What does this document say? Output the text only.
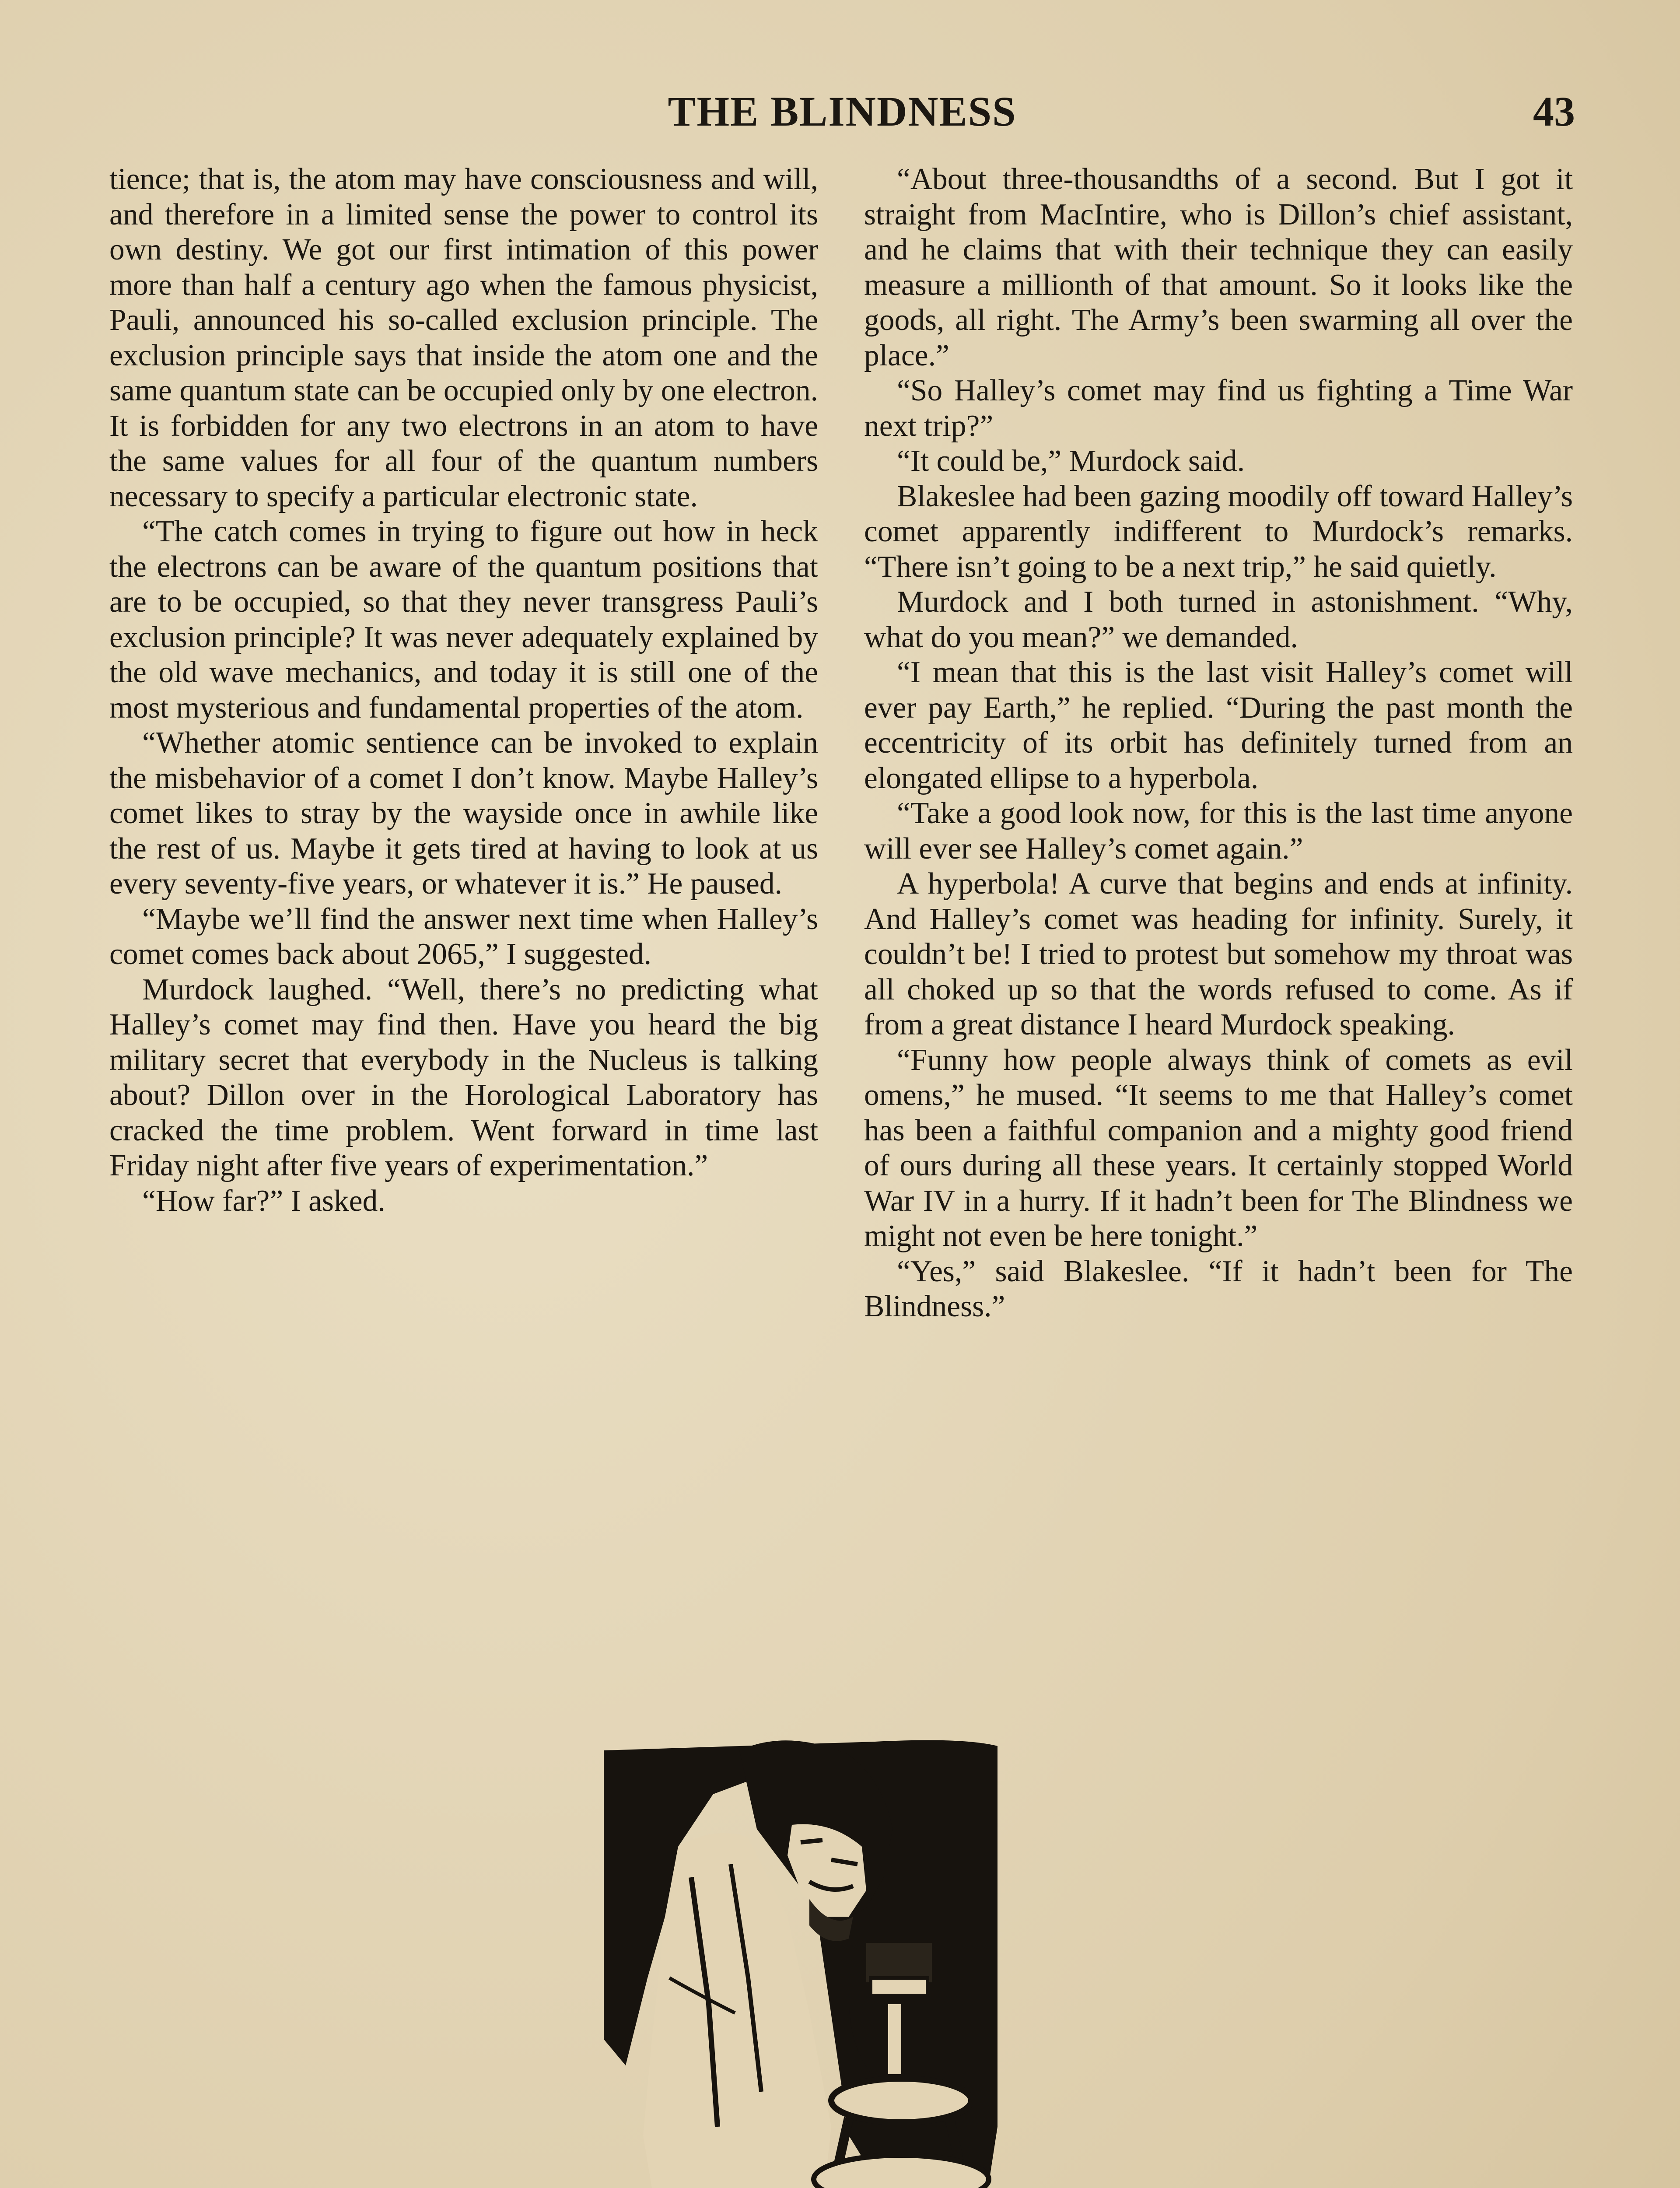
THE BLINDNESS	43

tience; that is, the atom may have consciousness and will, and therefore in a limited sense the power to control its own destiny. We got our first intimation of this power more than half a century ago when the famous physicist, Pauli, announced his so-called exclusion principle. The exclusion principle says that inside the atom one and the same quantum state can be occupied only by one electron. It is forbidden for any two electrons in an atom to have the same values for all four of the quantum numbers necessary to specify a particular electronic state.

“The catch comes in trying to figure out how in heck the electrons can be aware of the quantum positions that are to be occupied, so that they never transgress Pauli’s exclusion principle? It was never adequately explained by the old wave mechanics, and today it is still one of the most mysterious and fundamental properties of the atom.

“Whether atomic sentience can be invoked to explain the misbehavior of a comet I don’t know. Maybe Halley’s comet likes to stray by the wayside once in awhile like the rest of us. Maybe it gets tired at having to look at us every seventy-five years, or whatever it is.” He paused.

“Maybe we’ll find the answer next time when Halley’s comet comes back about 2065,” I suggested.

Murdock laughed. “Well, there’s no predicting what Halley’s comet may find then. Have you heard the big military secret that everybody in the Nucleus is talking about? Dillon over in the Horological Laboratory has cracked the time problem. Went forward in time last Friday night after five years of experimentation.”

“How far?” I asked.

“About three-thousandths of a second. But I got it straight from MacIntire, who is Dillon’s chief assistant, and he claims that with their technique they can easily measure a millionth of that amount. So it looks like the goods, all right. The Army’s been swarming all over the place.”

“So Halley’s comet may find us fighting a Time War next trip?”

“It could be,” Murdock said.

Blakeslee had been gazing moodily off toward Halley’s comet apparently indifferent to Murdock’s remarks. “There isn’t going to be a next trip,” he said quietly.

Murdock and I both turned in astonishment. “Why, what do you mean?” we demanded.

“I mean that this is the last visit Halley’s comet will ever pay Earth,” he replied. “During the past month the eccentricity of its orbit has definitely turned from an elongated ellipse to a hyperbola.

“Take a good look now, for this is the last time anyone will ever see Halley’s comet again.”

A hyperbola! A curve that begins and ends at infinity. And Halley’s comet was heading for infinity. Surely, it couldn’t be! I tried to protest but somehow my throat was all choked up so that the words refused to come. As if from a great distance I heard Murdock speaking.

“Funny how people always think of comets as evil omens,” he mused. “It seems to me that Halley’s comet has been a faithful companion and a mighty good friend of ours during all these years. It certainly stopped World War IV in a hurry. If it hadn’t been for The Blindness we might not even be here tonight.”

“Yes,” said Blakeslee. “If it hadn’t been for The Blindness.”
